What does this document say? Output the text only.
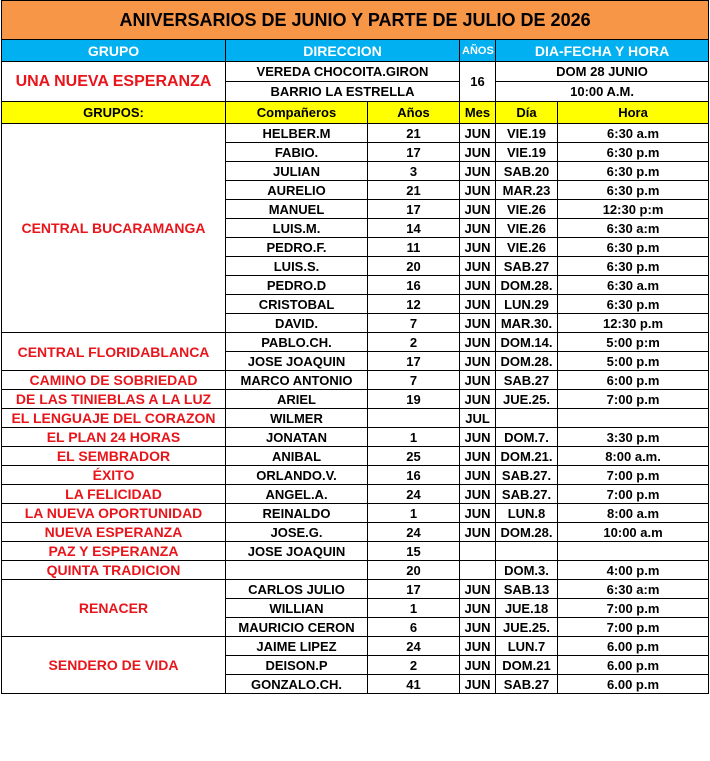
ANIVERSARIOS DE JUNIO Y PARTE DE JULIO DE 2026					
GRUPO	DIRECCION		AÑOS	DIA-FECHA Y HORA	
UNA NUEVA ESPERANZA	VEREDA CHOCOITA.GIRON		16	DOM 28 JUNIO	
	BARRIO LA ESTRELLA			10:00 A.M.	
GRUPOS:	Compañeros	Años	Mes	Día	Hora
CENTRAL BUCARAMANGA	HELBER.M	21	JUN	VIE.19	6:30 a.m
	FABIO.	17	JUN	VIE.19	6:30 p.m
	JULIAN	3	JUN	SAB.20	6:30 p.m
	AURELIO	21	JUN	MAR.23	6:30 p.m
	MANUEL	17	JUN	VIE.26	12:30 p:m
	LUIS.M.	14	JUN	VIE.26	6:30 a:m
	PEDRO.F.	11	JUN	VIE.26	6:30 p.m
	LUIS.S.	20	JUN	SAB.27	6:30 p.m
	PEDRO.D	16	JUN	DOM.28.	6:30 a.m
	CRISTOBAL	12	JUN	LUN.29	6:30 p.m
	DAVID.	7	JUN	MAR.30.	12:30 p.m
CENTRAL FLORIDABLANCA	PABLO.CH.	2	JUN	DOM.14.	5:00 p:m
	JOSE JOAQUIN	17	JUN	DOM.28.	5:00 p.m
CAMINO DE SOBRIEDAD	MARCO ANTONIO	7	JUN	SAB.27	6:00 p.m
DE LAS TINIEBLAS A LA LUZ	ARIEL	19	JUN	JUE.25.	7:00 p.m
EL LENGUAJE DEL CORAZON	WILMER		JUL		
EL PLAN 24 HORAS	JONATAN	1	JUN	DOM.7.	3:30 p.m
EL SEMBRADOR	ANIBAL	25	JUN	DOM.21.	8:00 a.m.
ÉXITO	ORLANDO.V.	16	JUN	SAB.27.	7:00 p.m
LA FELICIDAD	ANGEL.A.	24	JUN	SAB.27.	7:00 p.m
LA NUEVA OPORTUNIDAD	REINALDO	1	JUN	LUN.8	8:00 a.m
NUEVA ESPERANZA	JOSE.G.	24	JUN	DOM.28.	10:00 a.m
PAZ Y ESPERANZA	JOSE JOAQUIN	15			
QUINTA TRADICION		20		DOM.3.	4:00 p.m
RENACER	CARLOS JULIO	17	JUN	SAB.13	6:30 a:m
	WILLIAN	1	JUN	JUE.18	7:00 p.m
	MAURICIO CERON	6	JUN	JUE.25.	7:00 p.m
SENDERO DE VIDA	JAIME LIPEZ	24	JUN	LUN.7	6.00 p.m
	DEISON.P	2	JUN	DOM.21	6.00 p.m
	GONZALO.CH.	41	JUN	SAB.27	6.00 p.m
